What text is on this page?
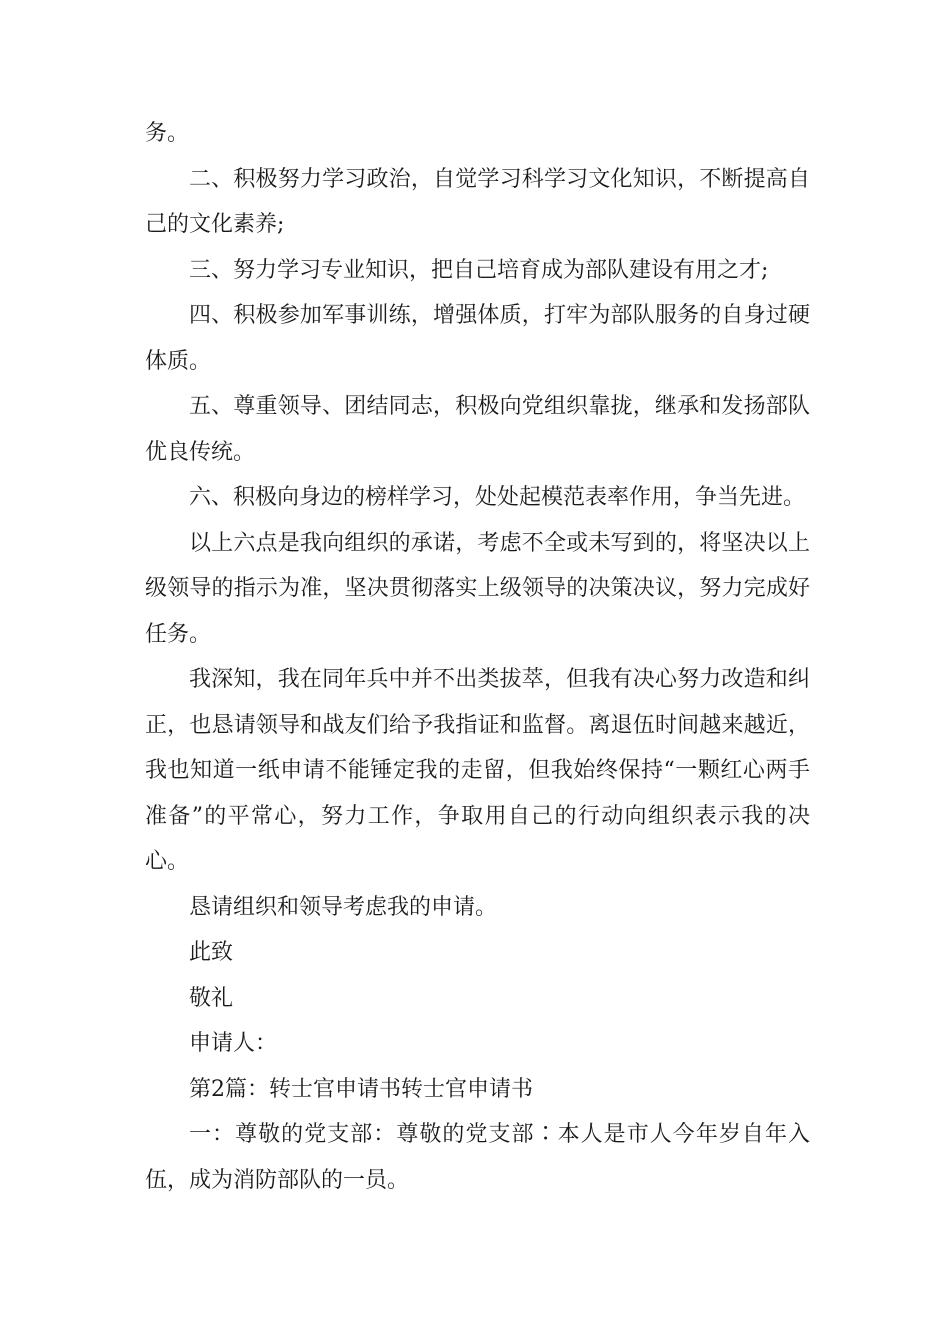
务。

二、积极努力学习政治，自觉学习科学习文化知识，不断提高自己的文化素养;

三、努力学习专业知识，把自己培育成为部队建设有用之才;

四、积极参加军事训练，增强体质，打牢为部队服务的自身过硬体质。

五、尊重领导、团结同志，积极向党组织靠拢，继承和发扬部队优良传统。

六、积极向身边的榜样学习，处处起模范表率作用，争当先进。

以上六点是我向组织的承诺，考虑不全或未写到的，将坚决以上级领导的指示为准，坚决贯彻落实上级领导的决策决议，努力完成好任务。

我深知，我在同年兵中并不出类拔萃，但我有决心努力改造和纠正，也恳请领导和战友们给予我指证和监督。离退伍时间越来越近，我也知道一纸申请不能锤定我的走留，但我始终保持“一颗红心两手准备”的平常心，努力工作，争取用自己的行动向组织表示我的决心。

恳请组织和领导考虑我的申请。

此致

敬礼

申请人：

第2篇：转士官申请书转士官申请书

一：尊敬的党支部：尊敬的党支部∶本人是市人今年岁自年入伍，成为消防部队的一员。
